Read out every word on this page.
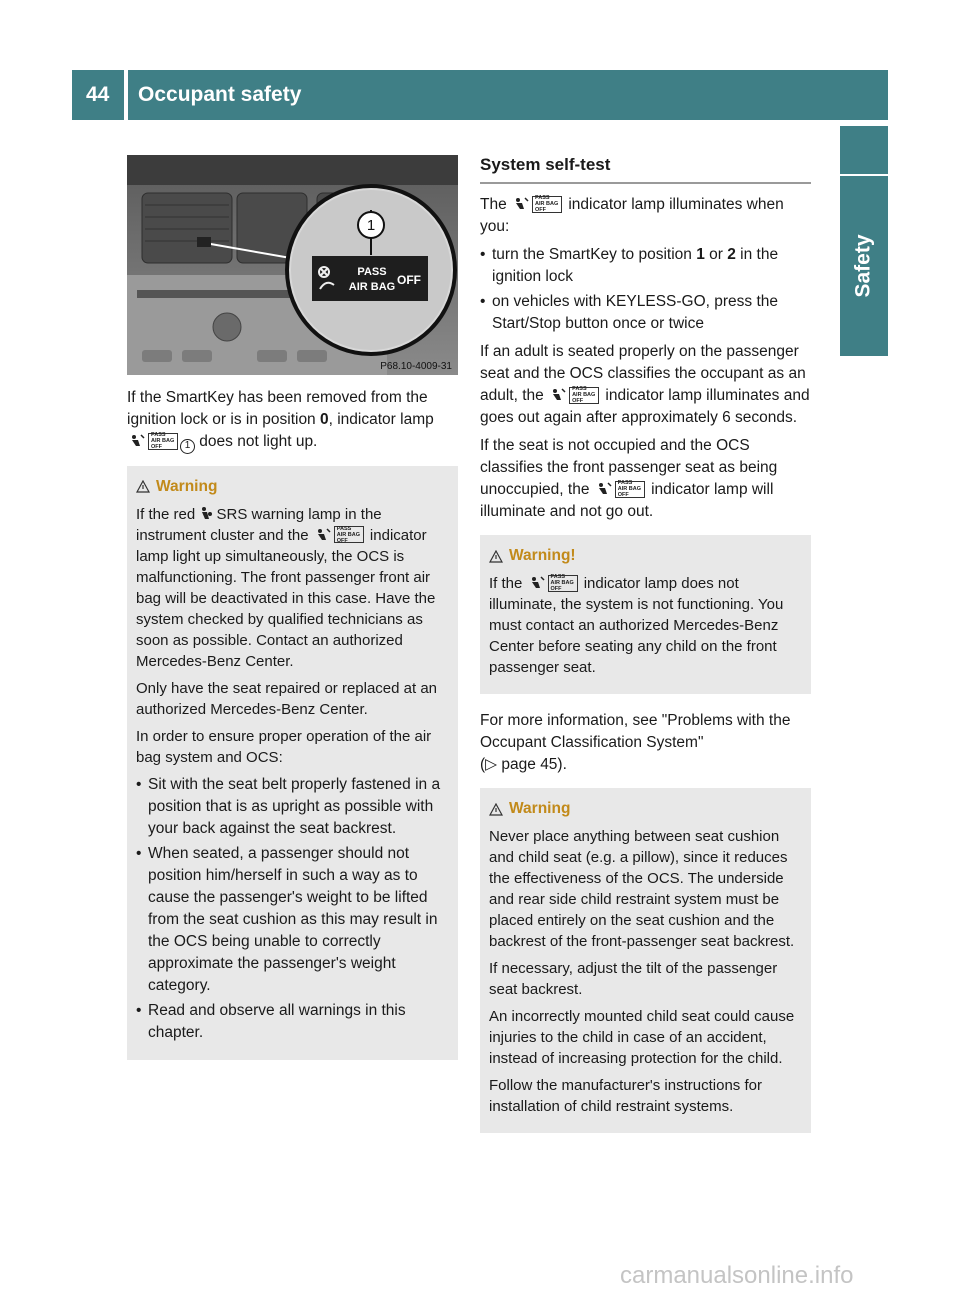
44	Occupant safety
Safety
1
PASS
AIR BAG OFF
P68.10-4009-31

If the SmartKey has been removed from the ignition lock or is in position 0, indicator lamp
PASS
AIR BAG OFF	1 does not light up.

Warning

If the red  SRS warning lamp in the instrument cluster and the	PASS
AIR BAG OFF	indicator lamp light up simultaneously, the OCS is malfunctioning. The front passenger front air bag will be deactivated in this case. Have the system checked by qualified technicians as soon as possible. Contact an authorized Mercedes-Benz Center.

Only have the seat repaired or replaced at an authorized Mercedes-Benz Center.

In order to ensure proper operation of the air bag system and OCS:

• Sit with the seat belt properly fastened in a position that is as upright as possible with your back against the seat backrest.
• When seated, a passenger should not position him/herself in such a way as to cause the passenger's weight to be lifted from the seat cushion as this may result in the OCS being unable to correctly approximate the passenger's weight category.
• Read and observe all warnings in this chapter.
System self-test

The	PASS
AIR BAG OFF	indicator lamp illuminates when you:

• turn the SmartKey to position 1 or 2 in the ignition lock
• on vehicles with KEYLESS-GO, press the Start/Stop button once or twice

If an adult is seated properly on the passenger seat and the OCS classifies the occupant as an adult, the	PASS
AIR BAG OFF	indicator lamp illuminates and goes out again after approximately 6 seconds.

If the seat is not occupied and the OCS classifies the front passenger seat as being unoccupied, the	PASS
AIR BAG OFF	indicator lamp will illuminate and not go out.

Warning!

If the	PASS
AIR BAG OFF	indicator lamp does not illuminate, the system is not functioning. You must contact an authorized Mercedes-Benz Center before seating any child on the front passenger seat.

For more information, see "Problems with the Occupant Classification System"
(▷ page 45).

Warning

Never place anything between seat cushion and child seat (e.g. a pillow), since it reduces the effectiveness of the OCS. The underside and rear side child restraint system must be placed entirely on the seat cushion and the backrest of the front-passenger seat backrest.

If necessary, adjust the tilt of the passenger seat backrest.

An incorrectly mounted child seat could cause injuries to the child in case of an accident, instead of increasing protection for the child.

Follow the manufacturer's instructions for installation of child restraint systems.

carmanualsonline.info
